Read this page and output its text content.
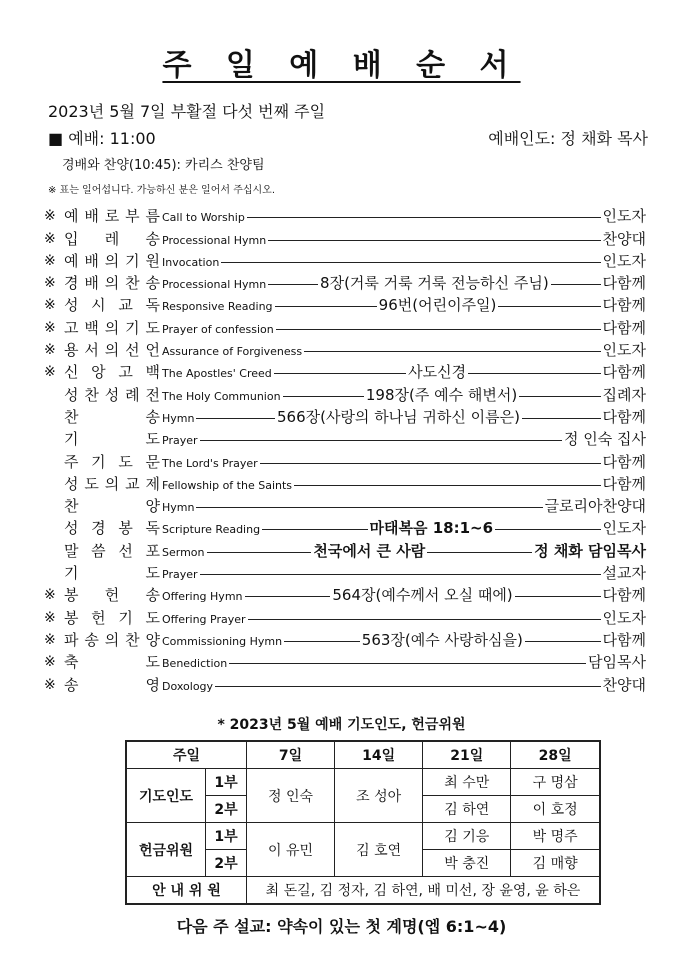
주 일 예 배 순 서
2023년 5월 7일 부활절 다섯 번째 주일
■ 예배: 11:00	예배인도: 정 채화 목사
경배와 찬양(10:45): 카리스 찬양팀
※ 표는 일어섭니다. 가능하신 분은 일어서 주십시오.
※ 예 배 로 부 름 Call to Worship	인도자
※ 입 레 송 Processional Hymn	찬양대
※ 예 배 의 기 원 Invocation	인도자
※ 경 배 의 찬 송 Processional Hymn	8장(거룩 거룩 거룩 전능하신 주님)	다함께
※ 성 시 교 독 Responsive Reading	96번(어린이주일)	다함께
※ 고 백 의 기 도 Prayer of confession	다함께
※ 용 서 의 선 언 Assurance of Forgiveness	인도자
※ 신 앙 고 백 The Apostles' Creed	사도신경	다함께
성 찬 성 례 전 The Holy Communion	198장(주 예수 해변서)	집례자
찬	송 Hymn	566장(사랑의 하나님 귀하신 이름은)	다함께
기	도 Prayer	정 인숙 집사
주 기 도 문 The Lord's Prayer	다함께
성 도 의 교 제 Fellowship of the Saints	다함께
찬	양 Hymn	글로리아찬양대
성 경 봉 독 Scripture Reading	마태복음 18:1~6	인도자
말 씀 선 포 Sermon	천국에서 큰 사람	정 채화 담임목사
기	도 Prayer	설교자
※ 봉 헌 송 Offering Hymn	564장(예수께서 오실 때에)	다함께
※ 봉 헌 기 도 Offering Prayer	인도자
※ 파 송 의 찬 양 Commissioning Hymn	563장(예수 사랑하심을)	다함께
※ 축	도 Benediction	담임목사
※ 송	영 Doxology	찬양대
* 2023년 5월 예배 기도인도, 헌금위원
주일		7일	14일	21일	28일
기도인도	1부	정 인숙	조 성아	최 수만	구 명삼
	2부			김 하연	이 호정
헌금위원	1부	이 유민	김 호연	김 기응	박 명주
	2부			박 충진	김 매향
안 내 위 원		최 돈길, 김 정자, 김 하연, 배 미선, 장 윤영, 윤 하은			
다음 주 설교: 약속이 있는 첫 계명(엡 6:1~4)
